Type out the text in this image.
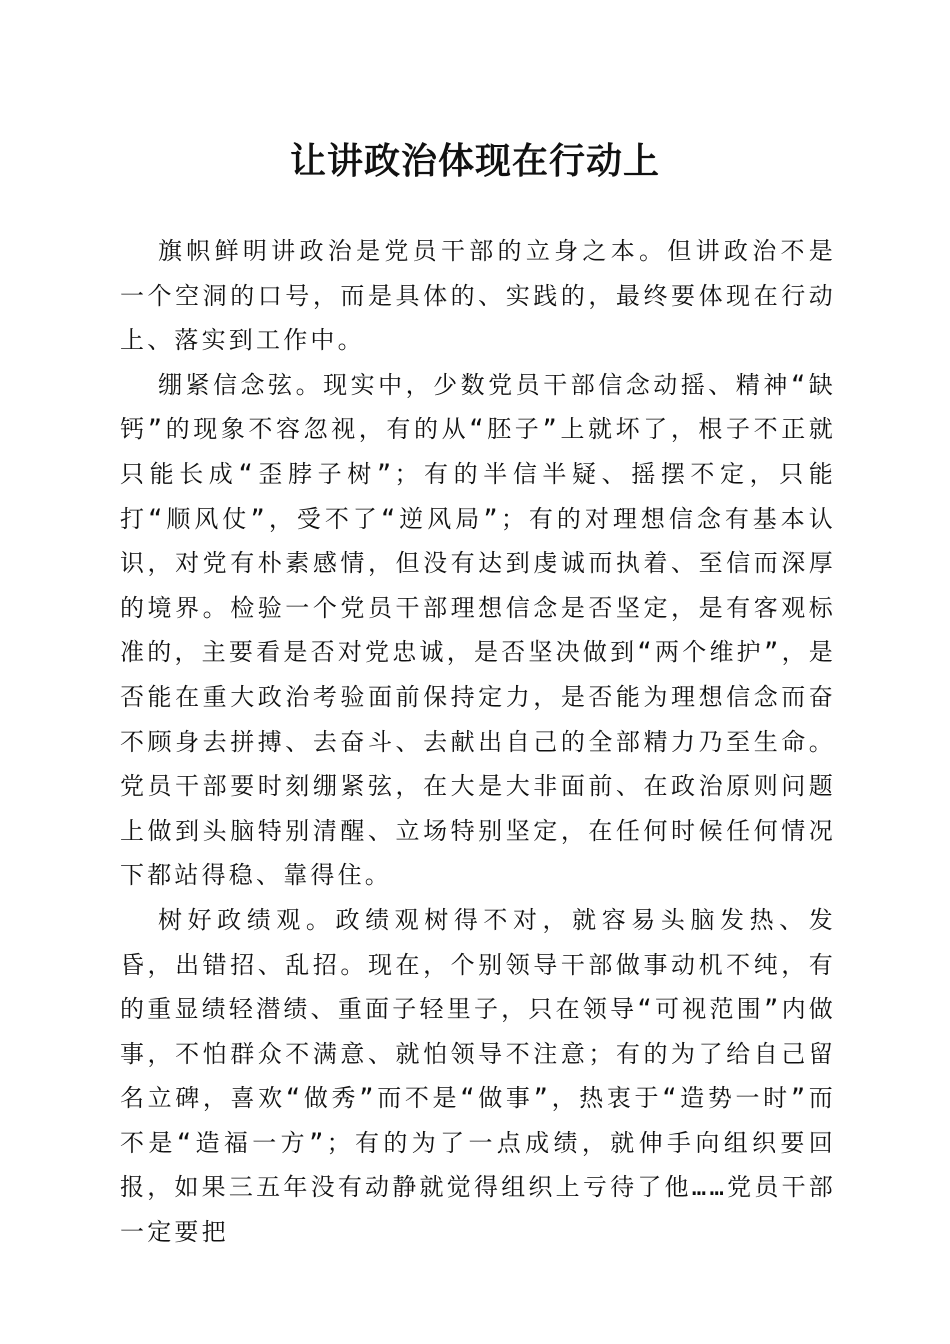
让讲政治体现在行动上

旗帜鲜明讲政治是党员干部的立身之本。但讲政治不是一个空洞的口号，而是具体的、实践的，最终要体现在行动上、落实到工作中。

绷紧信念弦。现实中，少数党员干部信念动摇、精神“缺钙”的现象不容忽视，有的从“胚子”上就坏了，根子不正就只能长成“歪脖子树”；有的半信半疑、摇摆不定，只能打“顺风仗”，受不了“逆风局”；有的对理想信念有基本认识，对党有朴素感情，但没有达到虔诚而执着、至信而深厚的境界。检验一个党员干部理想信念是否坚定，是有客观标准的，主要看是否对党忠诚，是否坚决做到“两个维护”，是否能在重大政治考验面前保持定力，是否能为理想信念而奋不顾身去拼搏、去奋斗、去献出自己的全部精力乃至生命。党员干部要时刻绷紧弦，在大是大非面前、在政治原则问题上做到头脑特别清醒、立场特别坚定，在任何时候任何情况下都站得稳、靠得住。

树好政绩观。政绩观树得不对，就容易头脑发热、发昏，出错招、乱招。现在，个别领导干部做事动机不纯，有的重显绩轻潜绩、重面子轻里子，只在领导“可视范围”内做事，不怕群众不满意、就怕领导不注意；有的为了给自己留名立碑，喜欢“做秀”而不是“做事”，热衷于“造势一时”而不是“造福一方”；有的为了一点成绩，就伸手向组织要回报，如果三五年没有动静就觉得组织上亏待了他……党员干部一定要把
